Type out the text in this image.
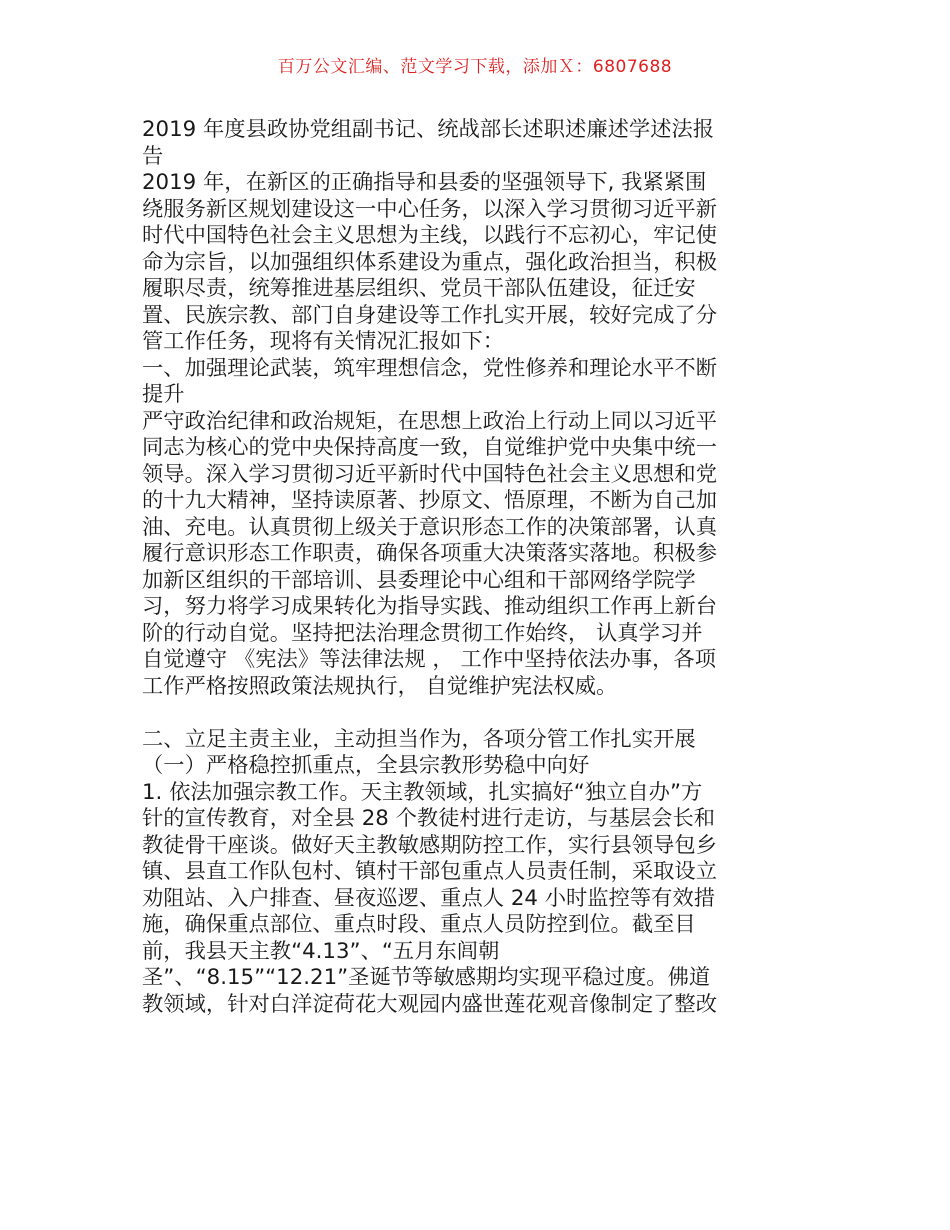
百万公文汇编、范文学习下载，添加Ｘ：6807688
2019 年度县政协党组副书记、统战部长述职述廉述学述法报
告
2019 年，在新区的正确指导和县委的坚强领导下, 我紧紧围
绕服务新区规划建设这一中心任务，以深入学习贯彻习近平新
时代中国特色社会主义思想为主线，以践行不忘初心，牢记使
命为宗旨，以加强组织体系建设为重点，强化政治担当，积极
履职尽责，统筹推进基层组织、党员干部队伍建设，征迁安
置、民族宗教、部门自身建设等工作扎实开展，较好完成了分
管工作任务，现将有关情况汇报如下：
一、加强理论武装，筑牢理想信念，党性修养和理论水平不断
提升
严守政治纪律和政治规矩，在思想上政治上行动上同以习近平
同志为核心的党中央保持高度一致，自觉维护党中央集中统一
领导。深入学习贯彻习近平新时代中国特色社会主义思想和党
的十九大精神，坚持读原著、抄原文、悟原理，不断为自己加
油、充电。认真贯彻上级关于意识形态工作的决策部署，认真
履行意识形态工作职责，确保各项重大决策落实落地。积极参
加新区组织的干部培训、县委理论中心组和干部网络学院学
习，努力将学习成果转化为指导实践、推动组织工作再上新台
阶的行动自觉。坚持把法治理念贯彻工作始终， 认真学习并
自觉遵守 《宪法》等法律法规 ， 工作中坚持依法办事，各项
工作严格按照政策法规执行， 自觉维护宪法权威。
二、立足主责主业，主动担当作为，各项分管工作扎实开展
（一）严格稳控抓重点，全县宗教形势稳中向好
1. 依法加强宗教工作。天主教领域，扎实搞好“独立自办”方
针的宣传教育，对全县 28 个教徒村进行走访，与基层会长和
教徒骨干座谈。做好天主教敏感期防控工作，实行县领导包乡
镇、县直工作队包村、镇村干部包重点人员责任制，采取设立
劝阻站、入户排查、昼夜巡逻、重点人 24 小时监控等有效措
施，确保重点部位、重点时段、重点人员防控到位。截至目
前，我县天主教“4.13”、“五月东闾朝
圣”、“8.15”“12.21”圣诞节等敏感期均实现平稳过度。佛道
教领域，针对白洋淀荷花大观园内盛世莲花观音像制定了整改
